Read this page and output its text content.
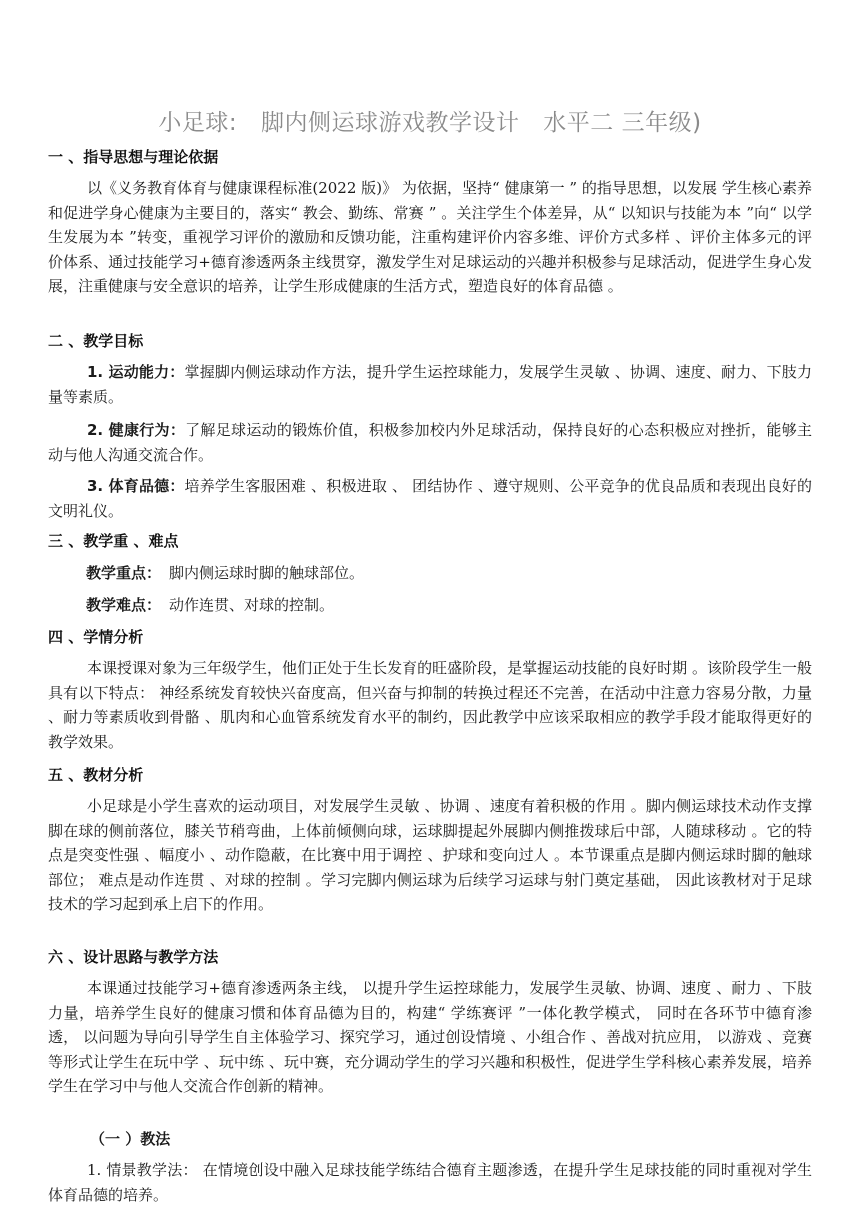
小足球: 脚内侧运球游戏教学设计 水平二 三年级)
一 、指导思想与理论依据
以《义务教育体育与健康课程标准(2022 版)》 为依据，坚持“ 健康第一 ” 的指导思想，以发展 学生核心素养和促进学身心健康为主要目的，落实“ 教会、勤练、常赛 ” 。关注学生个体差异，从“ 以知识与技能为本 ”向“ 以学生发展为本 ”转变，重视学习评价的激励和反馈功能，注重构建评价内容多维、评价方式多样 、评价主体多元的评价体系、通过技能学习+德育渗透两条主线贯穿，激发学生对足球运动的兴趣并积极参与足球活动，促进学生身心发展，注重健康与安全意识的培养，让学生形成健康的生活方式，塑造良好的体育品德 。
二 、教学目标
1. 运动能力：掌握脚内侧运球动作方法，提升学生运控球能力，发展学生灵敏 、协调、速度、耐力、下肢力量等素质。
2. 健康行为：了解足球运动的锻炼价值，积极参加校内外足球活动，保持良好的心态积极应对挫折，能够主动与他人沟通交流合作。
3. 体育品德：培养学生客服困难 、积极进取 、 团结协作 、遵守规则、公平竞争的优良品质和表现出良好的文明礼仪。
三 、教学重 、难点
教学重点： 脚内侧运球时脚的触球部位。
教学难点： 动作连贯、对球的控制。
四 、学情分析
本课授课对象为三年级学生，他们正处于生长发育的旺盛阶段，是掌握运动技能的良好时期 。该阶段学生一般具有以下特点： 神经系统发育较快兴奋度高，但兴奋与抑制的转换过程还不完善，在活动中注意力容易分散，力量 、耐力等素质收到骨骼 、肌肉和心血管系统发育水平的制约，因此教学中应该采取相应的教学手段才能取得更好的教学效果。
五 、教材分析
小足球是小学生喜欢的运动项目，对发展学生灵敏 、协调 、速度有着积极的作用 。脚内侧运球技术动作支撑脚在球的侧前落位，膝关节稍弯曲，上体前倾侧向球，运球脚提起外展脚内侧推拨球后中部，人随球移动 。它的特点是突变性强 、幅度小 、动作隐蔽，在比赛中用于调控 、护球和变向过人 。本节课重点是脚内侧运球时脚的触球部位； 难点是动作连贯 、对球的控制 。学习完脚内侧运球为后续学习运球与射门奠定基础， 因此该教材对于足球技术的学习起到承上启下的作用。
六 、设计思路与教学方法
本课通过技能学习+德育渗透两条主线， 以提升学生运控球能力，发展学生灵敏、协调、速度 、耐力 、下肢力量，培养学生良好的健康习惯和体育品德为目的，构建“ 学练赛评 ”一体化教学模式， 同时在各环节中德育渗透， 以问题为导向引导学生自主体验学习、探究学习，通过创设情境 、小组合作 、善战对抗应用， 以游戏 、竞赛等形式让学生在玩中学 、玩中练 、玩中赛，充分调动学生的学习兴趣和积极性，促进学生学科核心素养发展，培养学生在学习中与他人交流合作创新的精神。
（一 ）教法
1. 情景教学法： 在情境创设中融入足球技能学练结合德育主题渗透，在提升学生足球技能的同时重视对学生体育品德的培养。
